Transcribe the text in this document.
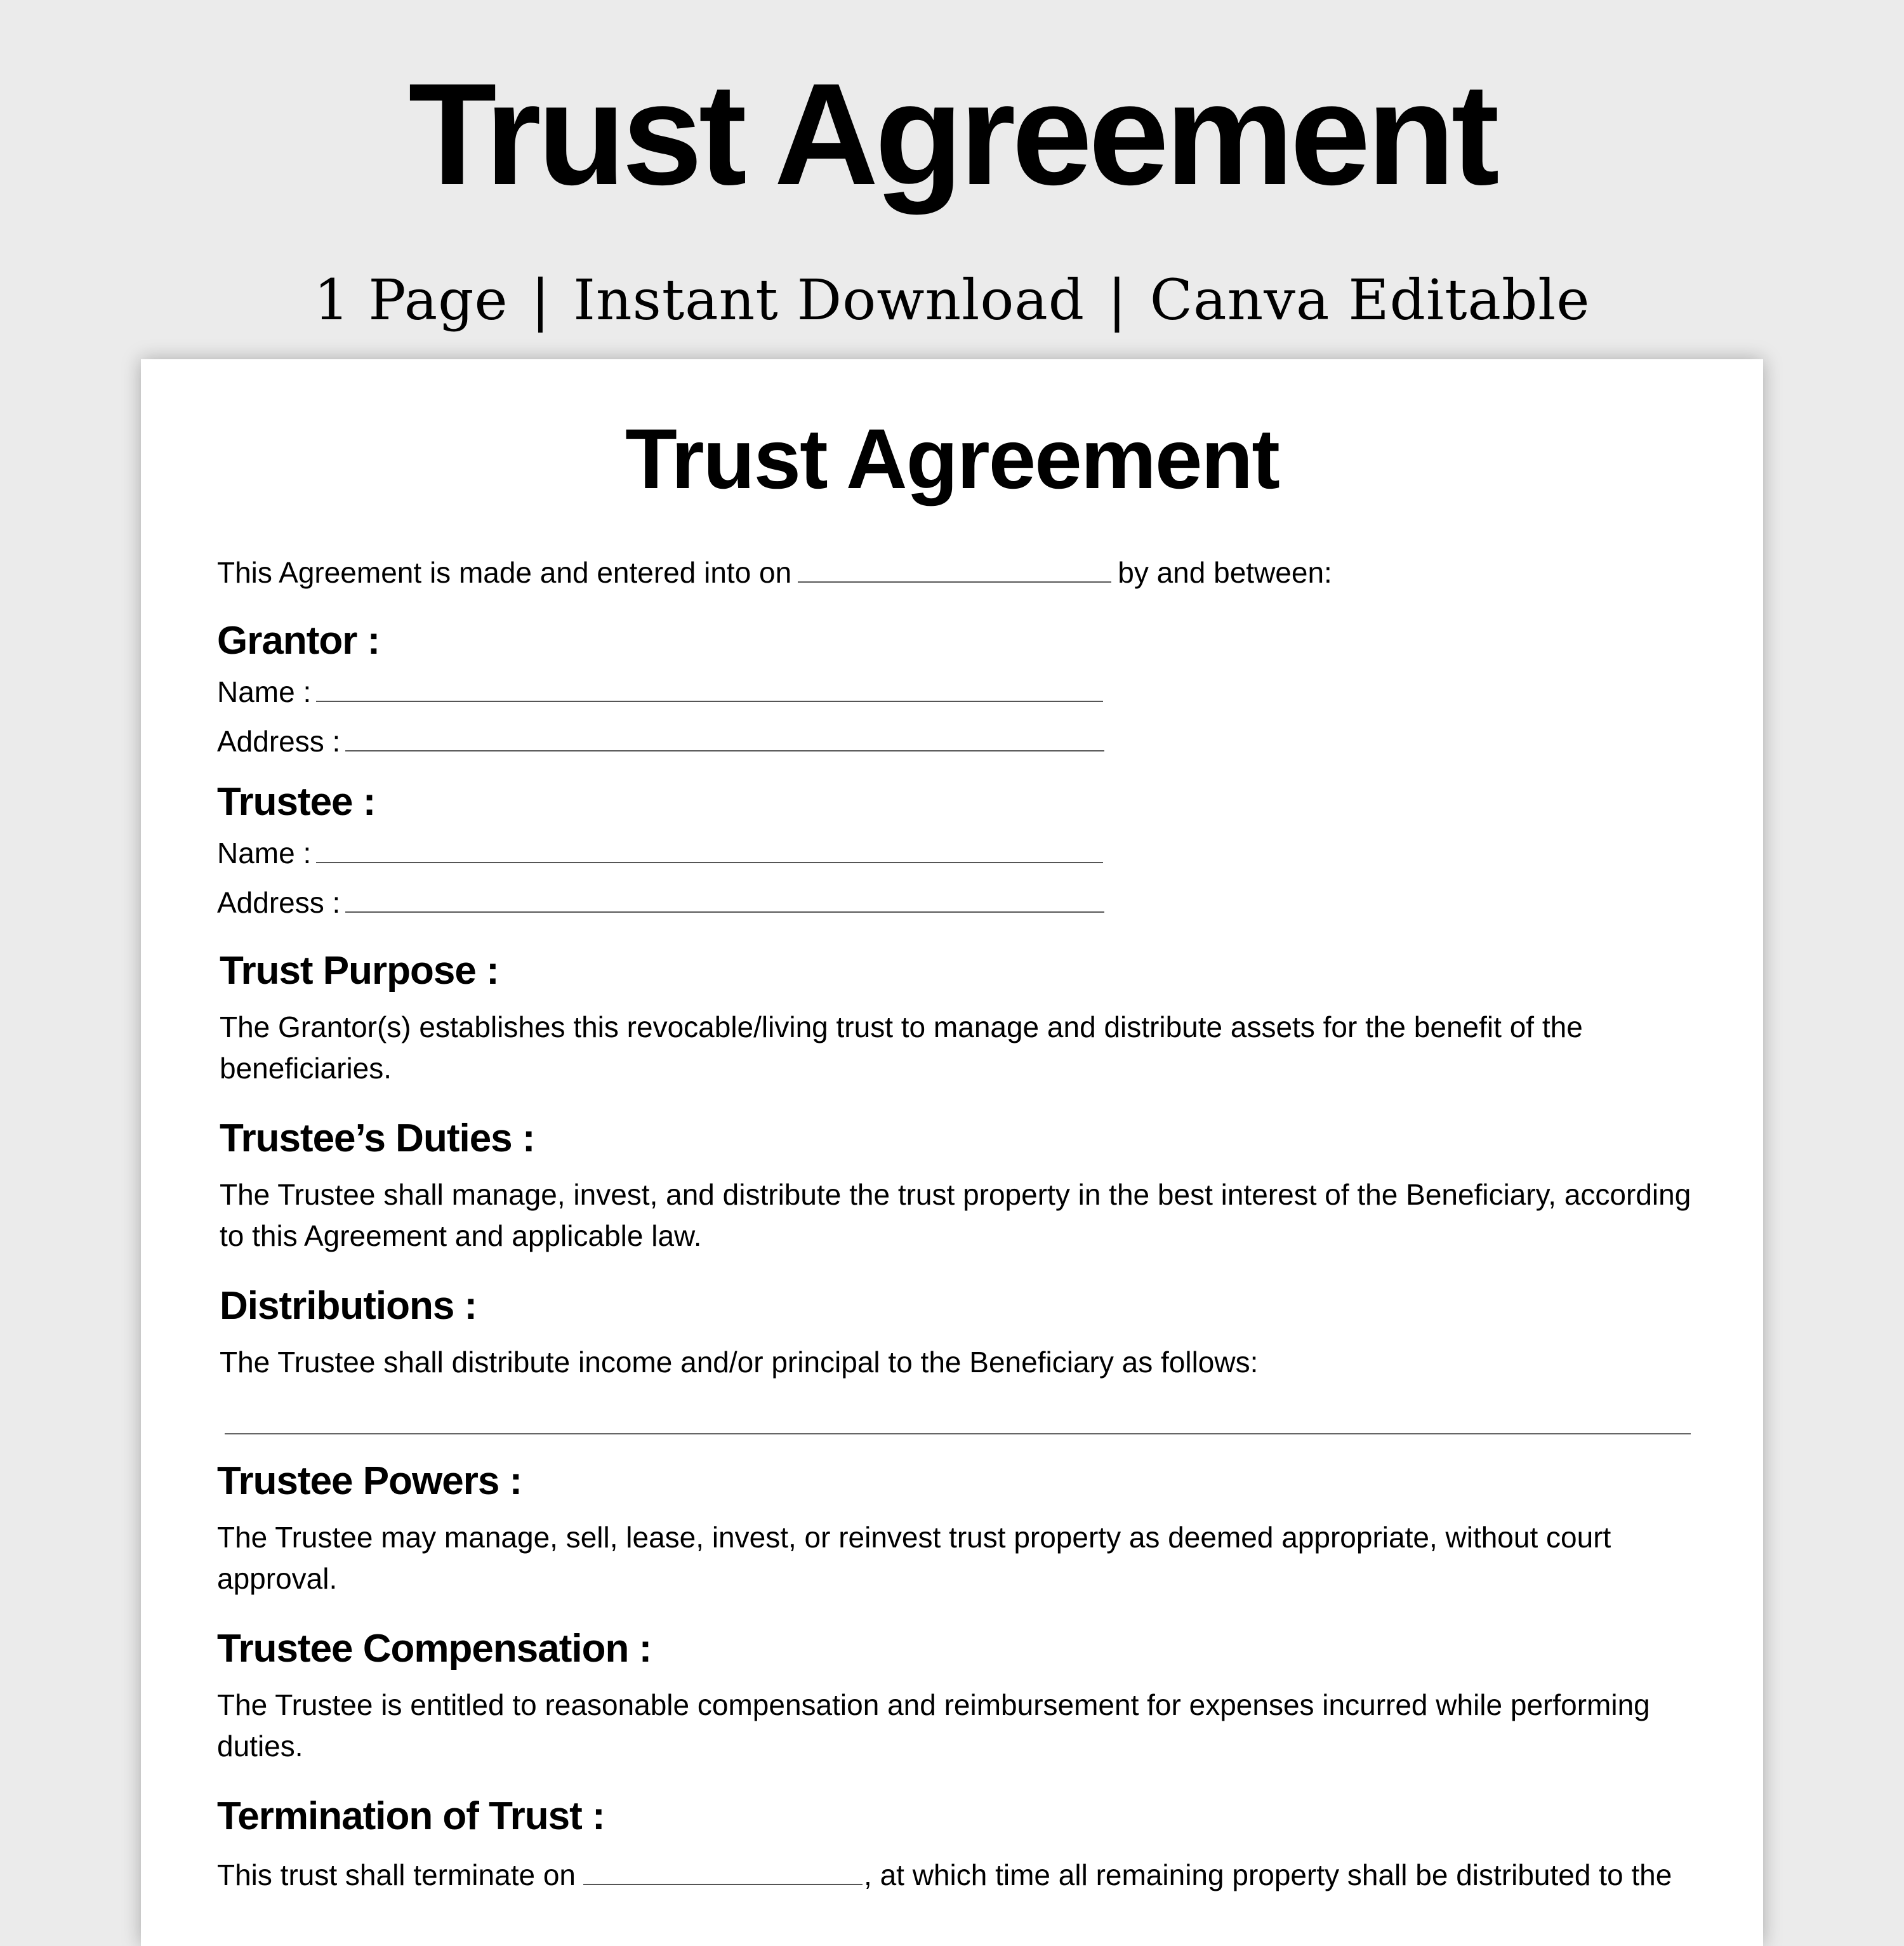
Trust Agreement
1 Page | Instant Download | Canva Editable
Trust Agreement
This Agreement is made and entered into on	by and between:
Grantor :
Name :
Address :
Trustee :
Name :
Address :
Trust Purpose :

The Grantor(s) establishes this revocable/living trust to manage and distribute assets for the benefit of the beneficiaries.

Trustee’s Duties :

The Trustee shall manage, invest, and distribute the trust property in the best interest of the Beneficiary, according to this Agreement and applicable law.

Distributions :

The Trustee shall distribute income and/or principal to the Beneficiary as follows:

Trustee Powers :

The Trustee may manage, sell, lease, invest, or reinvest trust property as deemed appropriate, without court approval.

Trustee Compensation :

The Trustee is entitled to reasonable compensation and reimbursement for expenses incurred while performing duties.

Termination of Trust :
This trust shall terminate on	, at which time all remaining property shall be distributed to the
